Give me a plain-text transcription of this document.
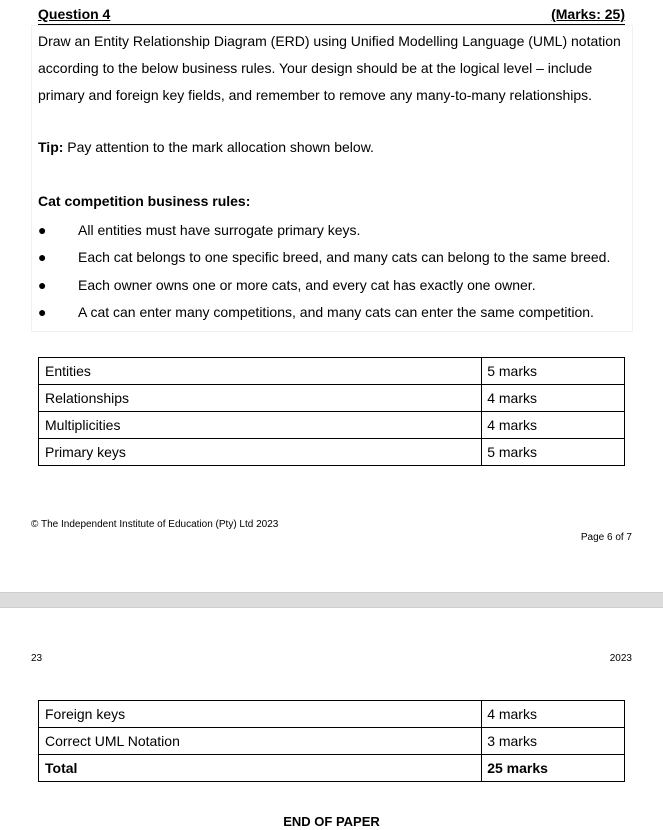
Question 4	(Marks: 25)
Draw an Entity Relationship Diagram (ERD) using Unified Modelling Language (UML) notation according to the below business rules. Your design should be at the logical level – include primary and foreign key fields, and remember to remove any many-to-many relationships.
Tip: Pay attention to the mark allocation shown below.
Cat competition business rules:
● All entities must have surrogate primary keys.
● Each cat belongs to one specific breed, and many cats can belong to the same breed.
● Each owner owns one or more cats, and every cat has exactly one owner.
● A cat can enter many competitions, and many cats can enter the same competition.
Entities	5 marks
Relationships	4 marks
Multiplicities	4 marks
Primary keys	5 marks
© The Independent Institute of Education (Pty) Ltd 2023
Page 6 of 7
23	2023
Foreign keys	4 marks
Correct UML Notation	3 marks
Total	25 marks
END OF PAPER
